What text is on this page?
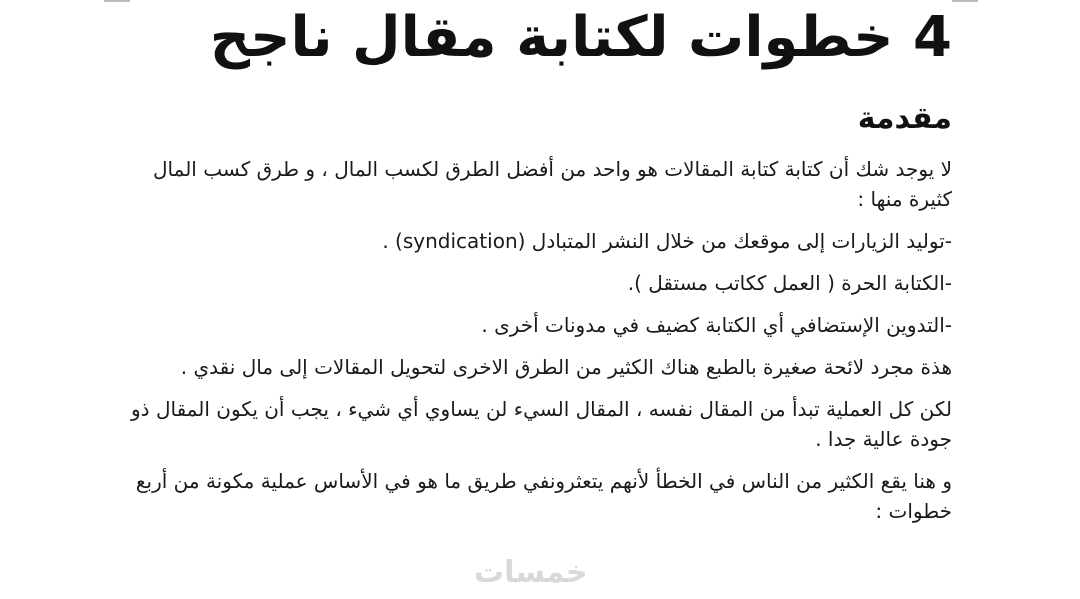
4 خطوات لكتابة مقال ناجح
مقدمة

لا يوجد شك أن كتابة كتابة المقالات هو واحد من أفضل الطرق لكسب المال ، و طرق كسب المال كثيرة منها :

-توليد الزيارات إلى موقعك من خلال النشر المتبادل (syndication) .

-الكتابة الحرة ( العمل ككاتب مستقل ).

-التدوين الإستضافي أي الكتابة كضيف في مدونات أخرى .

هذة مجرد لائحة صغيرة بالطبع هناك الكثير من الطرق الاخرى لتحويل المقالات إلى مال نقدي .

لكن كل العملية تبدأ من المقال نفسه ، المقال السيء لن يساوي أي شيء ، يجب أن يكون المقال ذو جودة عالية جدا .

و هنا يقع الكثير من الناس في الخطأ لأنهم يتعثرونفي طريق ما هو في الأساس عملية مكونة من أربع خطوات :

خمسات
